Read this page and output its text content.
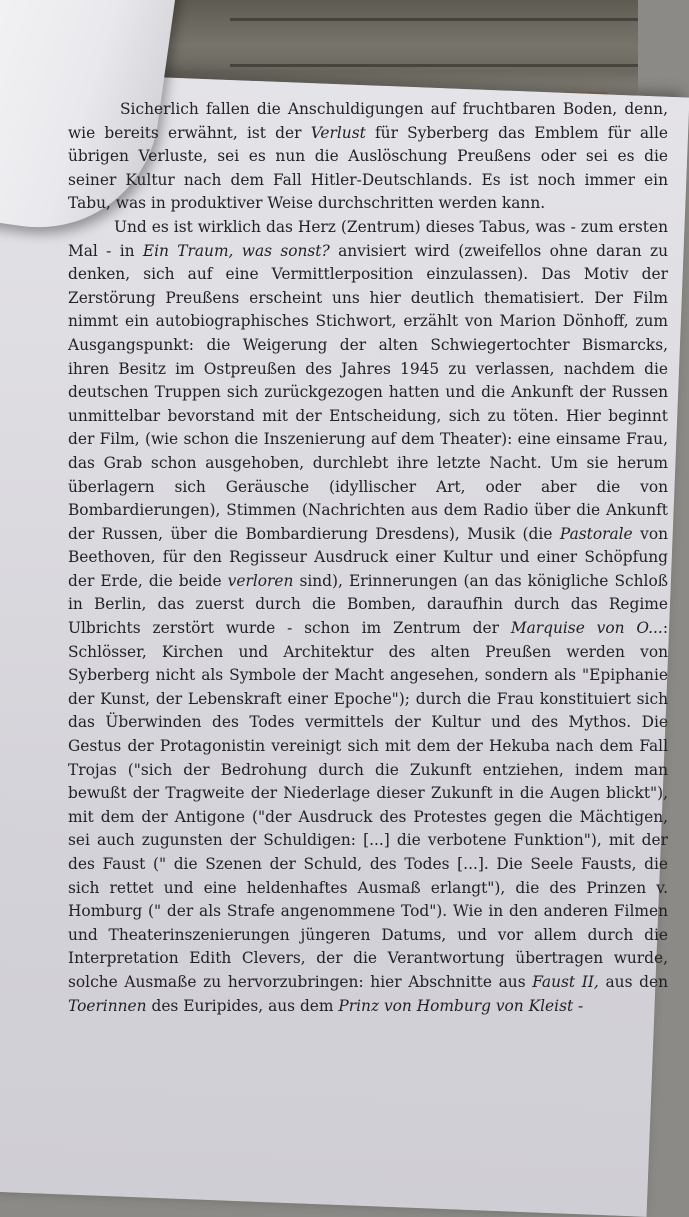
Sicherlich fallen die Anschuldigungen auf fruchtbaren Boden, denn, wie bereits erwähnt, ist der Verlust für Syberberg das Emblem für alle übrigen Verluste, sei es nun die Auslöschung Preußens oder sei es die seiner Kultur nach dem Fall Hitler-Deutschlands. Es ist noch immer ein Tabu, was in produktiver Weise durchschritten werden kann.

Und es ist wirklich das Herz (Zentrum) dieses Tabus, was - zum ersten Mal - in Ein Traum, was sonst? anvisiert wird (zweifellos ohne daran zu denken, sich auf eine Vermittlerposition einzulassen). Das Motiv der Zerstörung Preußens erscheint uns hier deutlich thematisiert. Der Film nimmt ein autobiographisches Stichwort, erzählt von Marion Dönhoff, zum Ausgangspunkt: die Weigerung der alten Schwiegertochter Bismarcks, ihren Besitz im Ostpreußen des Jahres 1945 zu verlassen, nachdem die deutschen Truppen sich zurückgezogen hatten und die Ankunft der Russen unmittelbar bevorstand mit der Entscheidung, sich zu töten. Hier beginnt der Film, (wie schon die Inszenierung auf dem Theater): eine einsame Frau, das Grab schon ausgehoben, durchlebt ihre letzte Nacht. Um sie herum überlagern sich Geräusche (idyllischer Art, oder aber die von Bombardierungen), Stimmen (Nachrichten aus dem Radio über die Ankunft der Russen, über die Bombardierung Dresdens), Musik (die Pastorale von Beethoven, für den Regisseur Ausdruck einer Kultur und einer Schöpfung der Erde, die beide verloren sind), Erinnerungen (an das königliche Schloß in Berlin, das zuerst durch die Bomben, daraufhin durch das Regime Ulbrichts zerstört wurde - schon im Zentrum der Marquise von O...: Schlösser, Kirchen und Architektur des alten Preußen werden von Syberberg nicht als Symbole der Macht angesehen, sondern als "Epiphanie der Kunst, der Lebenskraft einer Epoche"); durch die Frau konstituiert sich das Überwinden des Todes vermittels der Kultur und des Mythos. Die Gestus der Protagonistin vereinigt sich mit dem der Hekuba nach dem Fall Trojas ("sich der Bedrohung durch die Zukunft entziehen, indem man bewußt der Tragweite der Niederlage dieser Zukunft in die Augen blickt"), mit dem der Antigone ("der Ausdruck des Protestes gegen die Mächtigen, sei auch zugunsten der Schuldigen: [...] die verbotene Funktion"), mit der des Faust (" die Szenen der Schuld, des Todes [...]. Die Seele Fausts, die sich rettet und eine heldenhaftes Ausmaß erlangt"), die des Prinzen v. Homburg (" der als Strafe angenommene Tod"). Wie in den anderen Filmen und Theaterinszenierungen jüngeren Datums, und vor allem durch die Interpretation Edith Clevers, der die Verantwortung übertragen wurde, solche Ausmaße zu hervorzubringen: hier Abschnitte aus Faust II, aus den Toerinnen des Euripides, aus dem Prinz von Homburg von Kleist -
